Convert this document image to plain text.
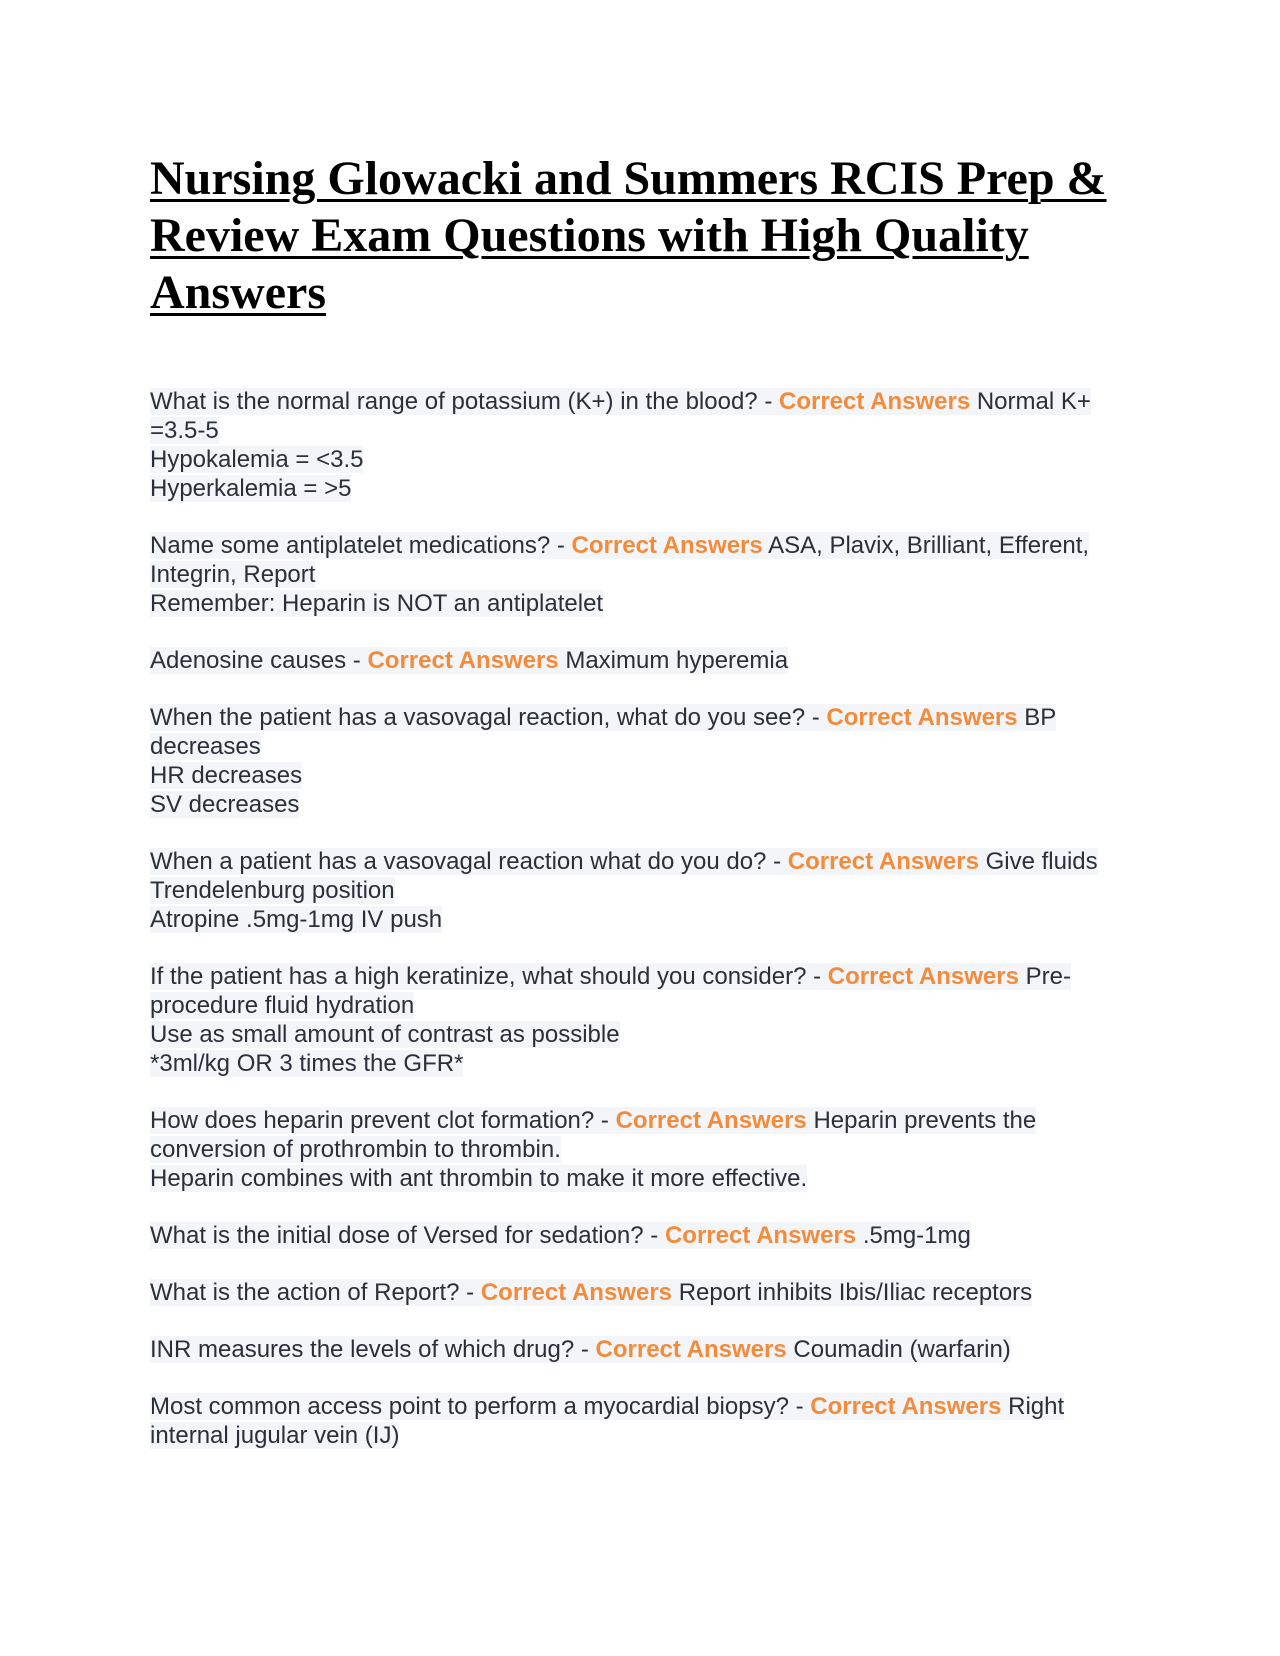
Nursing Glowacki and Summers RCIS Prep & Review Exam Questions with High Quality Answers
What is the normal range of potassium (K+) in the blood? - Correct Answers Normal K+ =3.5-5
Hypokalemia = <3.5
Hyperkalemia = >5
Name some antiplatelet medications? - Correct Answers ASA, Plavix, Brilliant, Efferent, Integrin, Report
Remember: Heparin is NOT an antiplatelet
Adenosine causes - Correct Answers Maximum hyperemia
When the patient has a vasovagal reaction, what do you see? - Correct Answers BP decreases
HR decreases
SV decreases
When a patient has a vasovagal reaction what do you do? - Correct Answers Give fluids
Trendelenburg position
Atropine .5mg-1mg IV push
If the patient has a high keratinize, what should you consider? - Correct Answers Pre-procedure fluid hydration
Use as small amount of contrast as possible
*3ml/kg OR 3 times the GFR*
How does heparin prevent clot formation? - Correct Answers Heparin prevents the conversion of prothrombin to thrombin.
Heparin combines with ant thrombin to make it more effective.
What is the initial dose of Versed for sedation? - Correct Answers .5mg-1mg
What is the action of Report? - Correct Answers Report inhibits Ibis/Iliac receptors
INR measures the levels of which drug? - Correct Answers Coumadin (warfarin)
Most common access point to perform a myocardial biopsy? - Correct Answers Right internal jugular vein (IJ)
